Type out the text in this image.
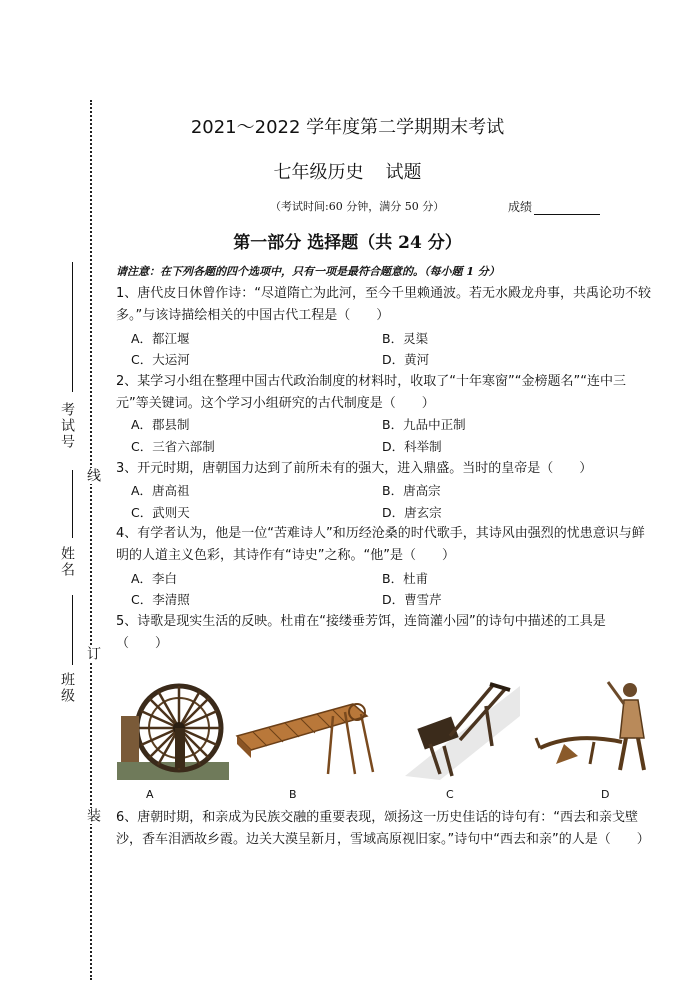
考试号
线
姓名
订
班级
装
2021～2022 学年度第二学期期末考试
七年级历史 试题
（考试时间:60 分钟，满分 50 分）	成绩
第一部分 选择题（共 24 分）
请注意：在下列各题的四个选项中，只有一项是最符合题意的。（每小题 1 分）
1、唐代皮日休曾作诗：“尽道隋亡为此河，至今千里赖通波。若无水殿龙舟事，共禹论功不较多。”与该诗描绘相关的中国古代工程是（　　）
A．都江堰	B．灵渠
C．大运河	D．黄河
2、某学习小组在整理中国古代政治制度的材料时，收取了“十年寒窗”“金榜题名”“连中三元”等关键词。这个学习小组研究的古代制度是（　　）
A．郡县制	B．九品中正制
C．三省六部制	D．科举制
3、开元时期，唐朝国力达到了前所未有的强大，进入鼎盛。当时的皇帝是（　　）
A．唐高祖	B．唐高宗
C．武则天	D．唐玄宗
4、有学者认为，他是一位“苦难诗人”和历经沧桑的时代歌手，其诗风由强烈的忧患意识与鲜明的人道主义色彩，其诗作有“诗史”之称。“他”是（　　）
A．李白	B．杜甫
C．李清照	D．曹雪芹
5、诗歌是现实生活的反映。杜甫在“接缕垂芳饵，连筒灌小园”的诗句中描述的工具是（　　）
A	B	C	D
6、唐朝时期，和亲成为民族交融的重要表现，颂扬这一历史佳话的诗句有：“西去和亲戈壁沙，香车泪洒故乡霞。边关大漠呈新月，雪域高原视旧家。”诗句中“西去和亲”的人是（　　）
